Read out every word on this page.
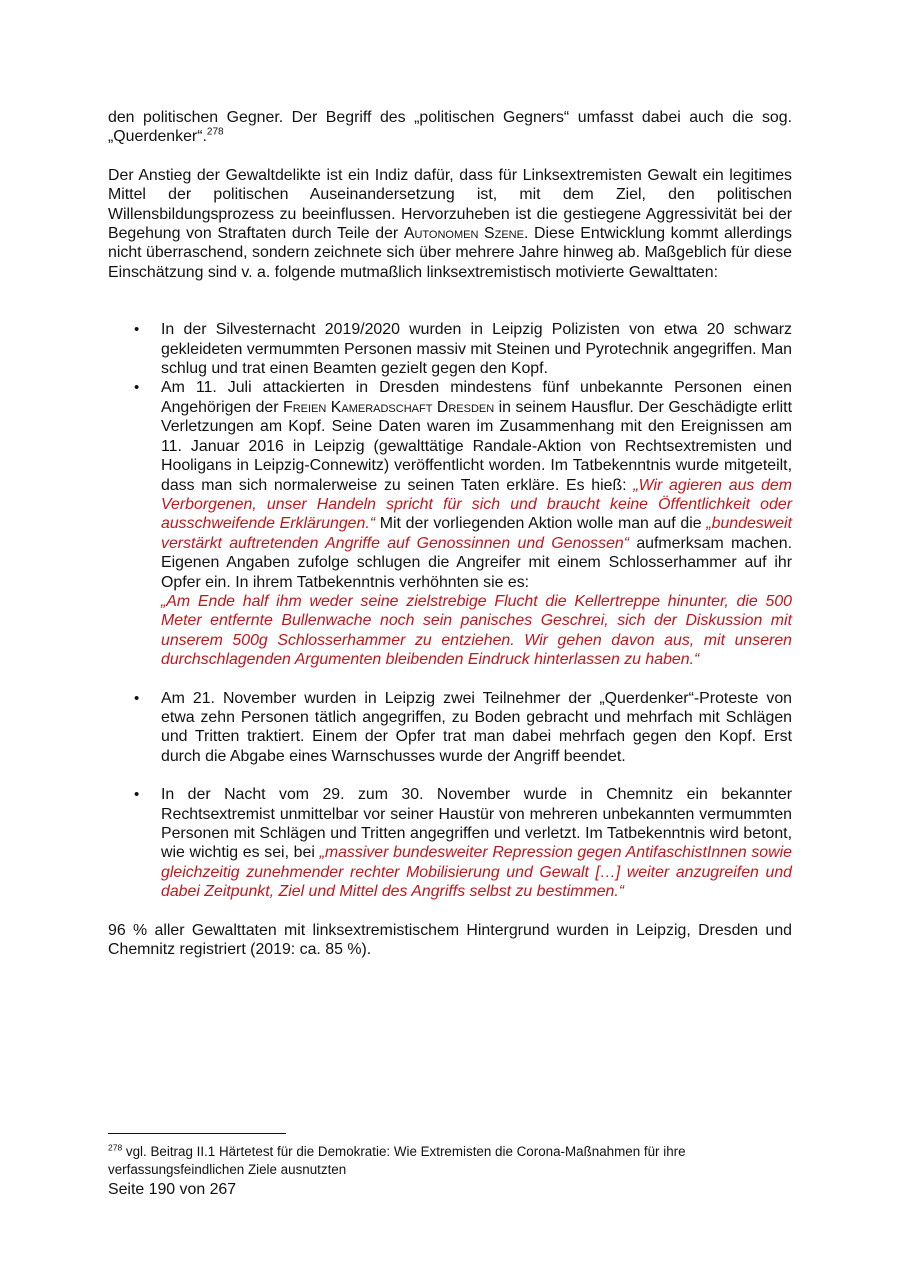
den politischen Gegner. Der Begriff des „politischen Gegners“ umfasst dabei auch die sog. „Querdenker“.$^{278}$

Der Anstieg der Gewaltdelikte ist ein Indiz dafür, dass für Linksextremisten Gewalt ein legitimes Mittel der politischen Auseinandersetzung ist, mit dem Ziel, den politischen Willensbildungsprozess zu beeinflussen. Hervorzuheben ist die gestiegene Aggressivität bei der Begehung von Straftaten durch Teile der Autonomen Szene. Diese Entwicklung kommt allerdings nicht überraschend, sondern zeichnete sich über mehrere Jahre hinweg ab. Maßgeblich für diese Einschätzung sind v. a. folgende mutmaßlich linksextremistisch motivierte Gewalttaten:

• In der Silvesternacht 2019/2020 wurden in Leipzig Polizisten von etwa 20 schwarz gekleideten vermummten Personen massiv mit Steinen und Pyrotechnik angegriffen. Man schlug und trat einen Beamten gezielt gegen den Kopf.
• Am 11. Juli attackierten in Dresden mindestens fünf unbekannte Personen einen Angehörigen der Freien Kameradschaft Dresden in seinem Hausflur. Der Geschädigte erlitt Verletzungen am Kopf. Seine Daten waren im Zusammenhang mit den Ereignissen am 11. Januar 2016 in Leipzig (gewalttätige Randale-Aktion von Rechtsextremisten und Hooligans in Leipzig-Connewitz) veröffentlicht worden. Im Tatbekenntnis wurde mitgeteilt, dass man sich normalerweise zu seinen Taten erkläre. Es hieß: „Wir agieren aus dem Verborgenen, unser Handeln spricht für sich und braucht keine Öffentlichkeit oder ausschweifende Erklärungen.“ Mit der vorliegenden Aktion wolle man auf die „bundesweit verstärkt auftretenden Angriffe auf Genossinnen und Genossen“ aufmerksam machen. Eigenen Angaben zufolge schlugen die Angreifer mit einem Schlosserhammer auf ihr Opfer ein. In ihrem Tatbekenntnis verhöhnten sie es:
„Am Ende half ihm weder seine zielstrebige Flucht die Kellertreppe hinunter, die 500 Meter entfernte Bullenwache noch sein panisches Geschrei, sich der Diskussion mit unserem 500g Schlosserhammer zu entziehen. Wir gehen davon aus, mit unseren durchschlagenden Argumenten bleibenden Eindruck hinterlassen zu haben.“
• Am 21. November wurden in Leipzig zwei Teilnehmer der „Querdenker“-Proteste von etwa zehn Personen tätlich angegriffen, zu Boden gebracht und mehrfach mit Schlägen und Tritten traktiert. Einem der Opfer trat man dabei mehrfach gegen den Kopf. Erst durch die Abgabe eines Warnschusses wurde der Angriff beendet.
• In der Nacht vom 29. zum 30. November wurde in Chemnitz ein bekannter Rechtsextremist unmittelbar vor seiner Haustür von mehreren unbekannten vermummten Personen mit Schlägen und Tritten angegriffen und verletzt. Im Tatbekenntnis wird betont, wie wichtig es sei, bei „massiver bundesweiter Repression gegen AntifaschistInnen sowie gleichzeitig zunehmender rechter Mobilisierung und Gewalt […] weiter anzugreifen und dabei Zeitpunkt, Ziel und Mittel des Angriffs selbst zu bestimmen.“

96 % aller Gewalttaten mit linksextremistischem Hintergrund wurden in Leipzig, Dresden und Chemnitz registriert (2019: ca. 85 %).

$^{278}$ vgl. Beitrag II.1 Härtetest für die Demokratie: Wie Extremisten die Corona-Maßnahmen für ihre verfassungsfeindlichen Ziele ausnutzten

Seite 190 von 267
